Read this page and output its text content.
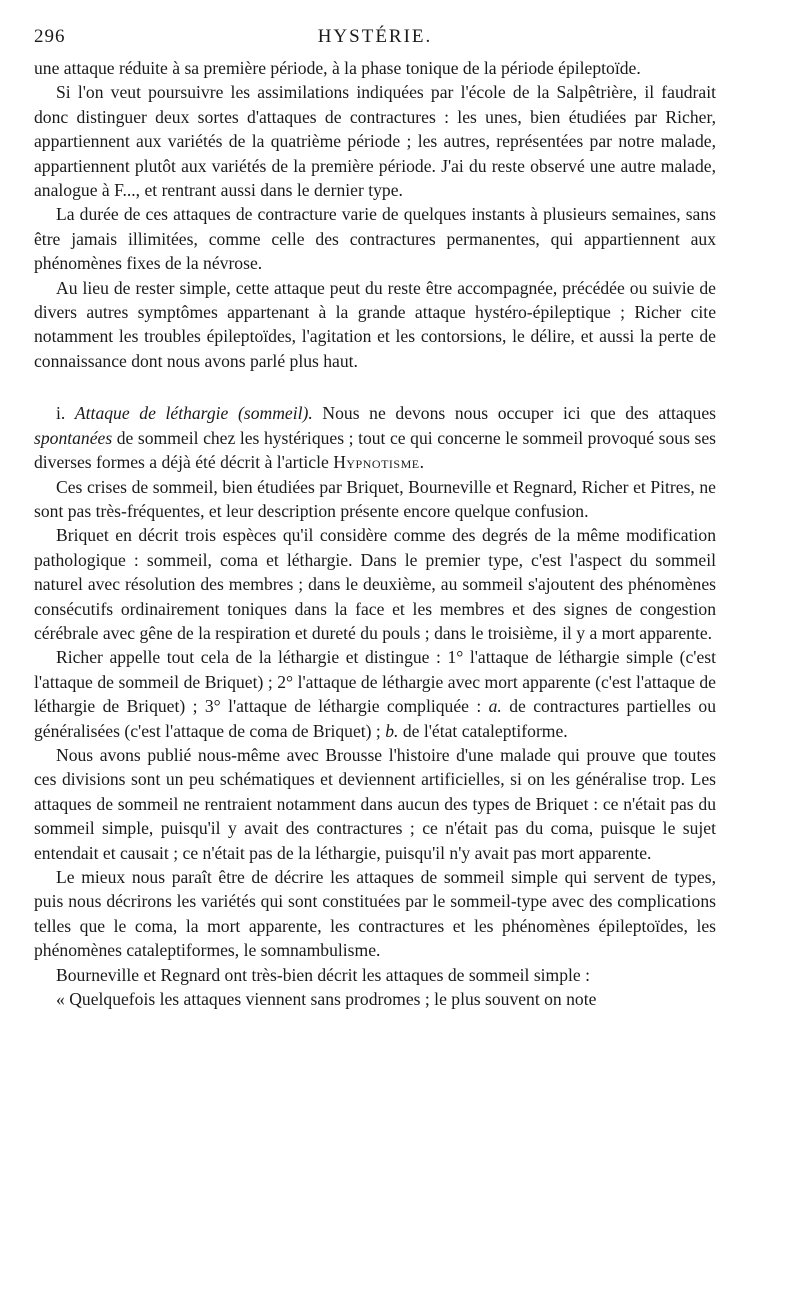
296	HYSTÉRIE.

une attaque réduite à sa première période, à la phase tonique de la période épileptoïde.

Si l'on veut poursuivre les assimilations indiquées par l'école de la Salpêtrière, il faudrait donc distinguer deux sortes d'attaques de contractures : les unes, bien étudiées par Richer, appartiennent aux variétés de la quatrième période ; les autres, représentées par notre malade, appartiennent plutôt aux variétés de la première période. J'ai du reste observé une autre malade, analogue à F..., et rentrant aussi dans le dernier type.

La durée de ces attaques de contracture varie de quelques instants à plusieurs semaines, sans être jamais illimitées, comme celle des contractures permanentes, qui appartiennent aux phénomènes fixes de la névrose.

Au lieu de rester simple, cette attaque peut du reste être accompagnée, précédée ou suivie de divers autres symptômes appartenant à la grande attaque hystéro-épileptique ; Richer cite notamment les troubles épileptoïdes, l'agitation et les contorsions, le délire, et aussi la perte de connaissance dont nous avons parlé plus haut.

i. Attaque de léthargie (sommeil). Nous ne devons nous occuper ici que des attaques spontanées de sommeil chez les hystériques ; tout ce qui concerne le sommeil provoqué sous ses diverses formes a déjà été décrit à l'article Hypnotisme.

Ces crises de sommeil, bien étudiées par Briquet, Bourneville et Regnard, Richer et Pitres, ne sont pas très-fréquentes, et leur description présente encore quelque confusion.

Briquet en décrit trois espèces qu'il considère comme des degrés de la même modification pathologique : sommeil, coma et léthargie. Dans le premier type, c'est l'aspect du sommeil naturel avec résolution des membres ; dans le deuxième, au sommeil s'ajoutent des phénomènes consécutifs ordinairement toniques dans la face et les membres et des signes de congestion cérébrale avec gêne de la respiration et dureté du pouls ; dans le troisième, il y a mort apparente.

Richer appelle tout cela de la léthargie et distingue : 1° l'attaque de léthargie simple (c'est l'attaque de sommeil de Briquet) ; 2° l'attaque de léthargie avec mort apparente (c'est l'attaque de léthargie de Briquet) ; 3° l'attaque de léthargie compliquée : a. de contractures partielles ou généralisées (c'est l'attaque de coma de Briquet) ; b. de l'état cataleptiforme.

Nous avons publié nous-même avec Brousse l'histoire d'une malade qui prouve que toutes ces divisions sont un peu schématiques et deviennent artificielles, si on les généralise trop. Les attaques de sommeil ne rentraient notamment dans aucun des types de Briquet : ce n'était pas du sommeil simple, puisqu'il y avait des contractures ; ce n'était pas du coma, puisque le sujet entendait et causait ; ce n'était pas de la léthargie, puisqu'il n'y avait pas mort apparente.

Le mieux nous paraît être de décrire les attaques de sommeil simple qui servent de types, puis nous décrirons les variétés qui sont constituées par le sommeil-type avec des complications telles que le coma, la mort apparente, les contractures et les phénomènes épileptoïdes, les phénomènes cataleptiformes, le somnambulisme.

Bourneville et Regnard ont très-bien décrit les attaques de sommeil simple :

« Quelquefois les attaques viennent sans prodromes ; le plus souvent on note
